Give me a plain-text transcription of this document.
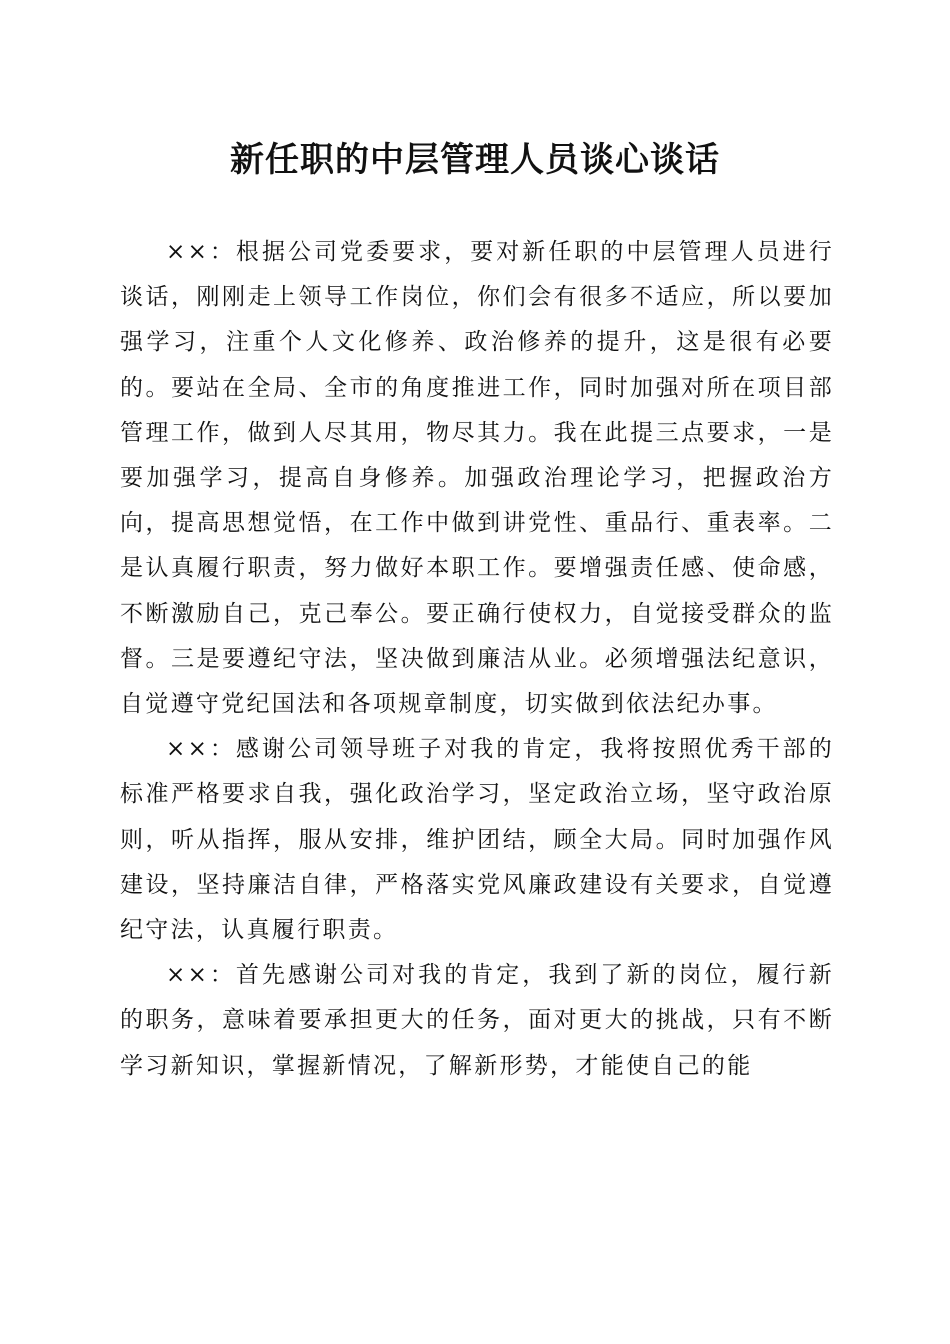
新任职的中层管理人员谈心谈话

××：根据公司党委要求，要对新任职的中层管理人员进行谈话，刚刚走上领导工作岗位，你们会有很多不适应，所以要加强学习，注重个人文化修养、政治修养的提升，这是很有必要的。要站在全局、全市的角度推进工作，同时加强对所在项目部管理工作，做到人尽其用，物尽其力。我在此提三点要求，一是要加强学习，提高自身修养。加强政治理论学习，把握政治方向，提高思想觉悟，在工作中做到讲党性、重品行、重表率。二是认真履行职责，努力做好本职工作。要增强责任感、使命感，不断激励自己，克己奉公。要正确行使权力，自觉接受群众的监督。三是要遵纪守法，坚决做到廉洁从业。必须增强法纪意识，自觉遵守党纪国法和各项规章制度，切实做到依法纪办事。

××：感谢公司领导班子对我的肯定，我将按照优秀干部的标准严格要求自我，强化政治学习，坚定政治立场，坚守政治原则，听从指挥，服从安排，维护团结，顾全大局。同时加强作风建设，坚持廉洁自律，严格落实党风廉政建设有关要求，自觉遵纪守法，认真履行职责。

××：首先感谢公司对我的肯定，我到了新的岗位，履行新的职务，意味着要承担更大的任务，面对更大的挑战，只有不断学习新知识，掌握新情况，了解新形势，才能使自己的能
